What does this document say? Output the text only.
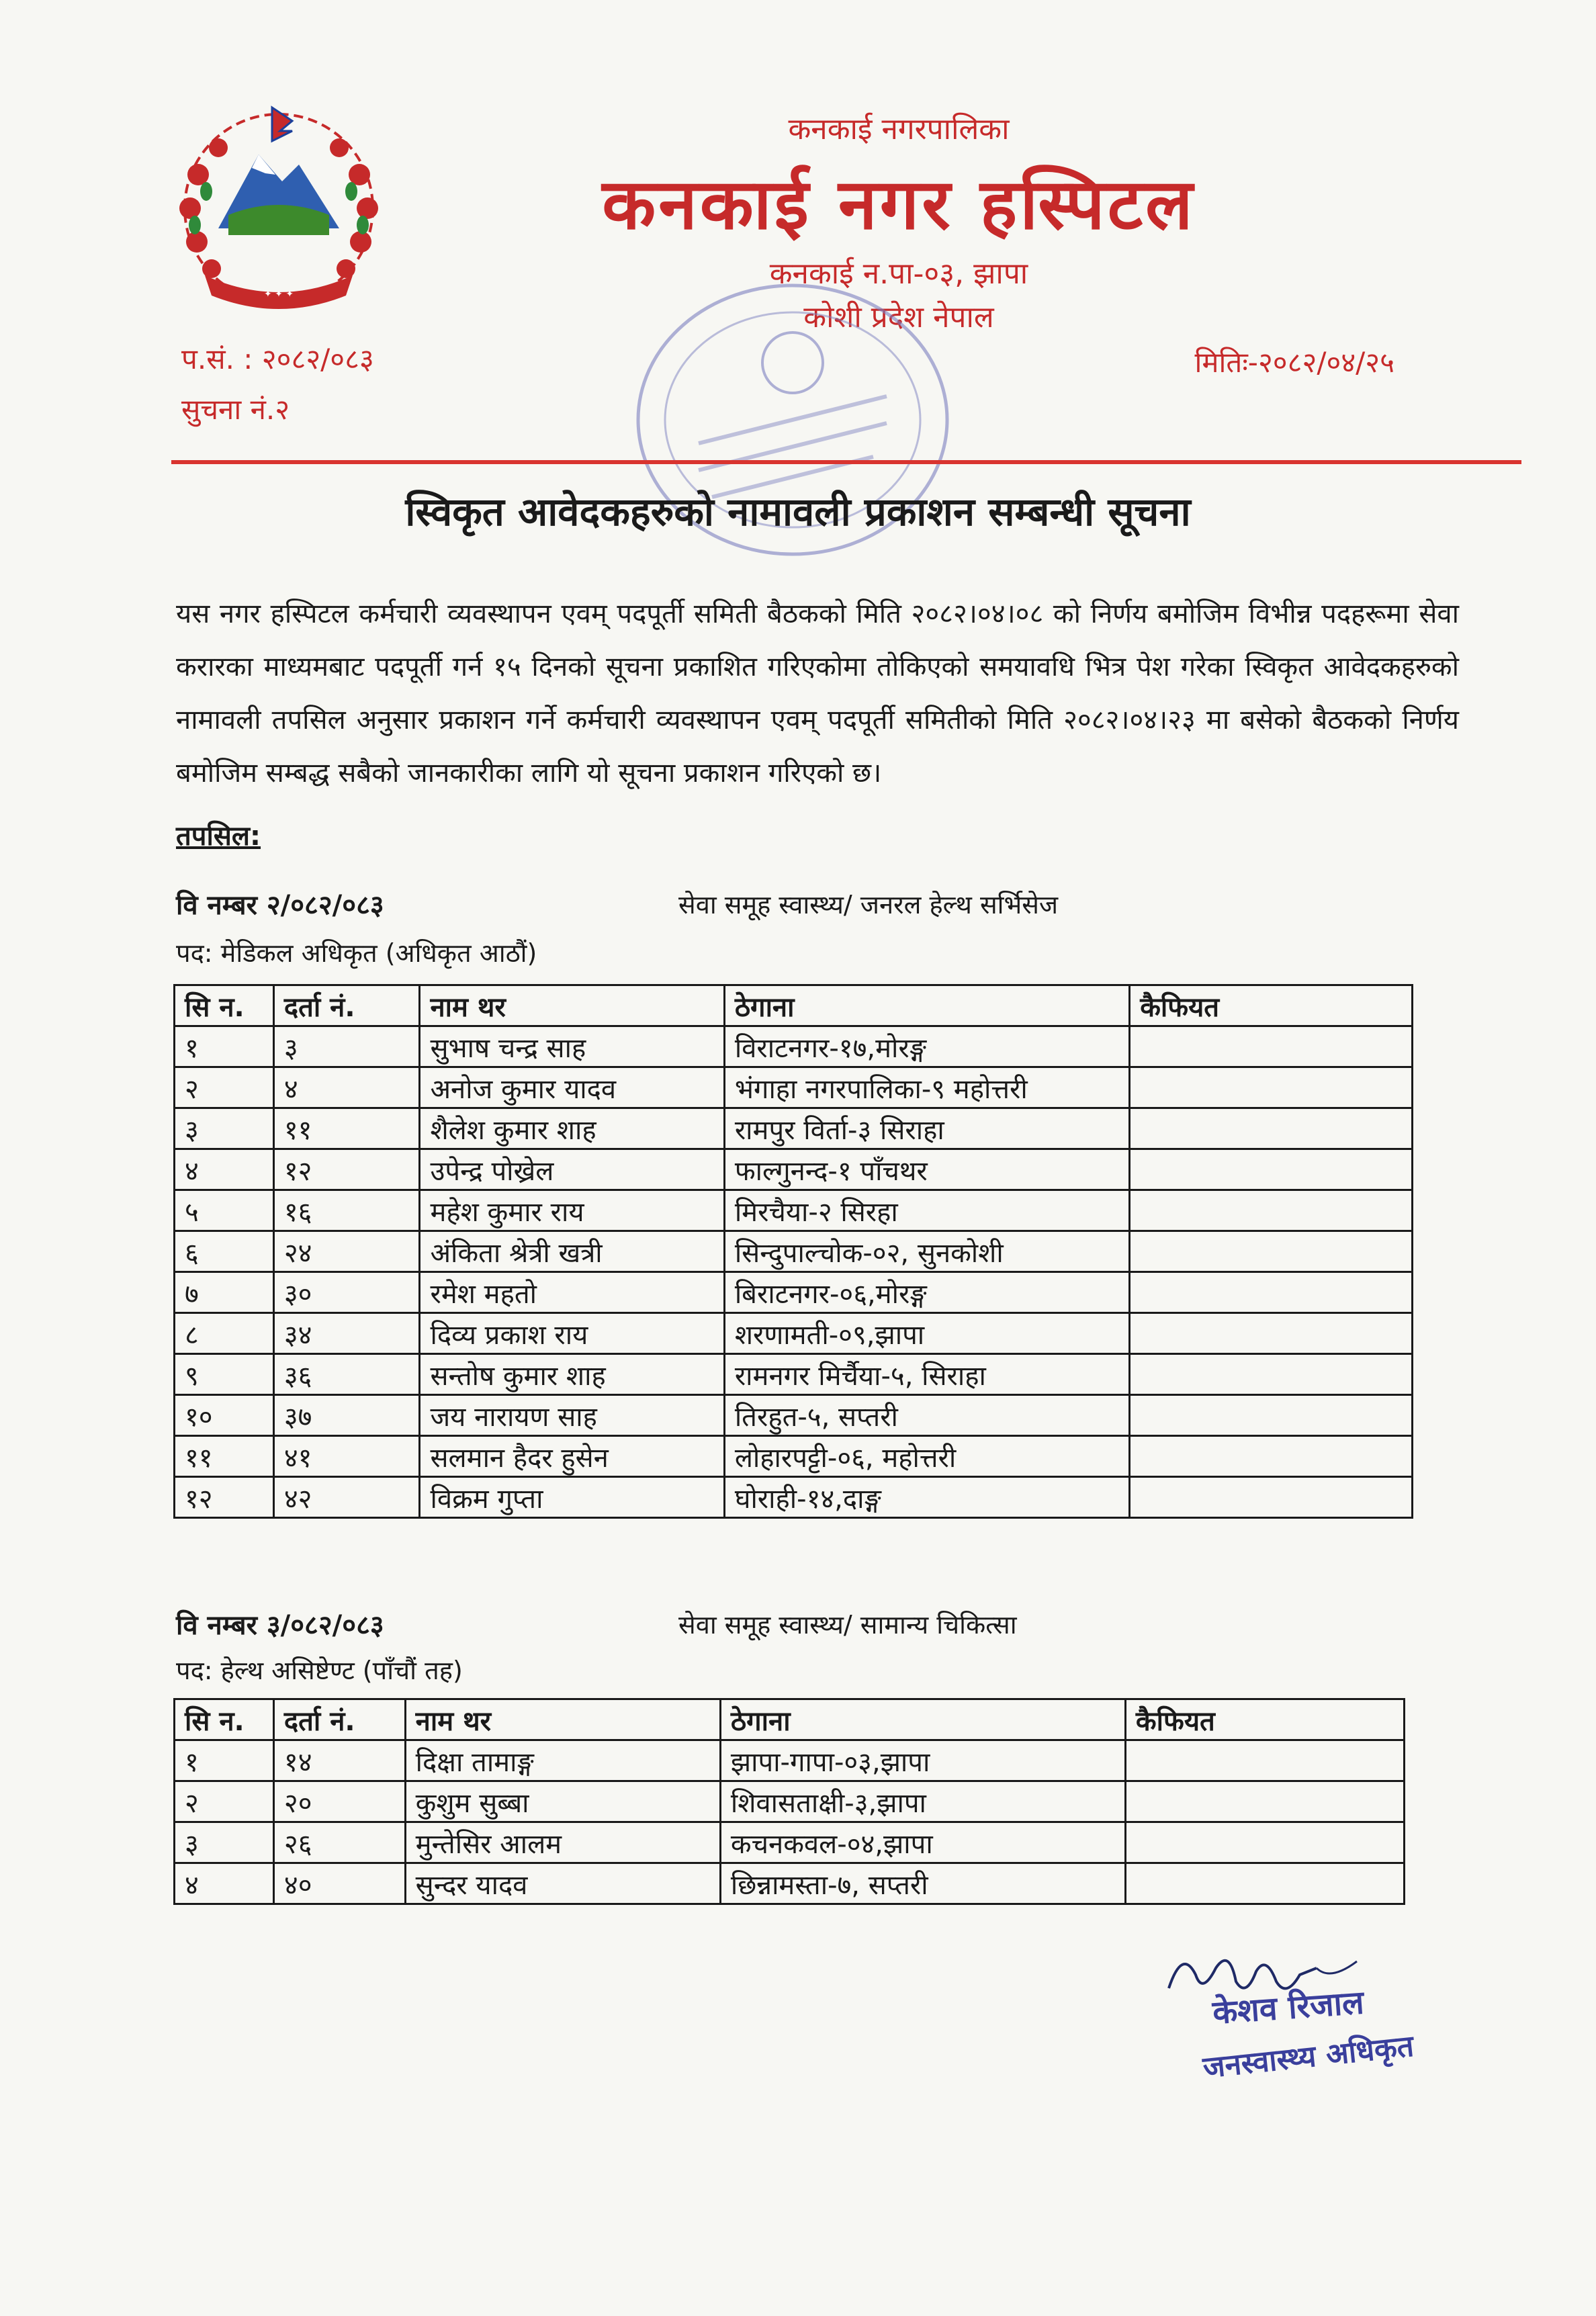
✦ ✦ ✦
कनकाई नगरपालिका
कनकाई नगर हस्पिटल
कनकाई न.पा-०३, झापा
कोशी प्रदेश नेपाल
प.सं. : २०८२/०८३
सुचना नं.२
मितिः-२०८२/०४/२५
स्विकृत आवेदकहरुको नामावली प्रकाशन सम्बन्धी सूचना
यस नगर हस्पिटल कर्मचारी व्यवस्थापन एवम् पदपूर्ती समिती बैठकको मिति २०८२।०४।०८ को निर्णय बमोजिम विभीन्न पदहरूमा सेवा करारका माध्यमबाट पदपूर्ती गर्न १५ दिनको सूचना प्रकाशित गरिएकोमा तोकिएको समयावधि भित्र पेश गरेका स्विकृत आवेदकहरुको नामावली तपसिल अनुसार प्रकाशन गर्ने कर्मचारी व्यवस्थापन एवम् पदपूर्ती समितीको मिति २०८२।०४।२३ मा बसेको बैठकको निर्णय बमोजिम सम्बद्ध सबैको जानकारीका लागि यो सूचना प्रकाशन गरिएको छ।
तपसिल:
वि नम्बर २/०८२/०८३	सेवा समूह स्वास्थ्य/ जनरल हेल्थ सर्भिसेज
पद: मेडिकल अधिकृत (अधिकृत आठौं)
सि न.	दर्ता नं.	नाम थर	ठेगाना	कैफियत
१	३	सुभाष चन्द्र साह	विराटनगर-१७,मोरङ्ग	
२	४	अनोज कुमार यादव	भंगाहा नगरपालिका-९ महोत्तरी	
३	११	शैलेश कुमार शाह	रामपुर विर्ता-३ सिराहा	
४	१२	उपेन्द्र पोख्रेल	फाल्गुनन्द-१ पाँचथर	
५	१६	महेश कुमार राय	मिरचैया-२ सिरहा	
६	२४	अंकिता श्रेत्री खत्री	सिन्दुपाल्चोक-०२, सुनकोशी	
७	३०	रमेश महतो	बिराटनगर-०६,मोरङ्ग	
८	३४	दिव्य प्रकाश राय	शरणामती-०९,झापा	
९	३६	सन्तोष कुमार शाह	रामनगर मिर्चैया-५, सिराहा	
१०	३७	जय नारायण साह	तिरहुत-५, सप्तरी	
११	४१	सलमान हैदर हुसेन	लोहारपट्टी-०६, महोत्तरी	
१२	४२	विक्रम गुप्ता	घोराही-१४,दाङ्ग	
वि नम्बर ३/०८२/०८३	सेवा समूह स्वास्थ्य/ सामान्य चिकित्सा
पद: हेल्थ असिष्टेण्ट (पाँचौं तह)
सि न.	दर्ता नं.	नाम थर	ठेगाना	कैफियत
१	१४	दिक्षा तामाङ्ग	झापा-गापा-०३,झापा	
२	२०	कुशुम सुब्बा	शिवासताक्षी-३,झापा	
३	२६	मुन्तेसिर आलम	कचनकवल-०४,झापा	
४	४०	सुन्दर यादव	छिन्नामस्ता-७, सप्तरी	
केशव रिजाल
जनस्वास्थ्य अधिकृत
